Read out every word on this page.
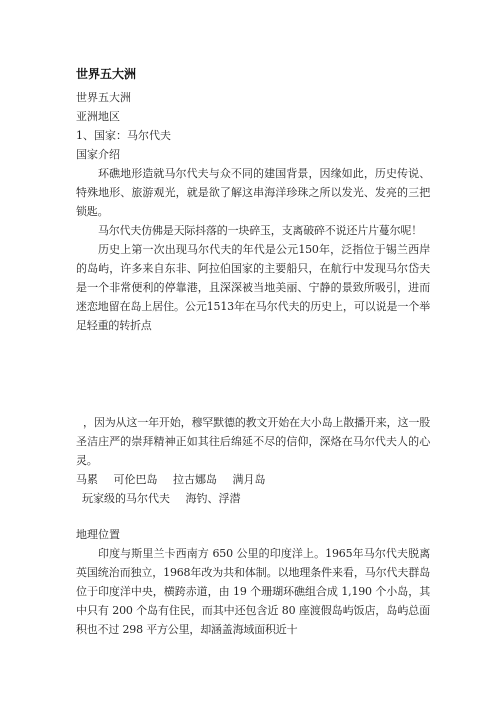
世界五大洲

世界五大洲

亚洲地区

1、国家：马尔代夫

国家介绍

环礁地形造就马尔代夫与众不同的建国背景，因缘如此，历史传说、特殊地形、旅游观光，就是欲了解这串海洋珍珠之所以发光、发亮的三把锁匙。

马尔代夫仿佛是天际抖落的一块碎玉，支离破碎不说还片片蔓尔呢！

历史上第一次出现马尔代夫的年代是公元150年，泛指位于锡兰西岸的岛屿，许多来自东非、阿拉伯国家的主要船只，在航行中发现马尔岱夫是一个非常便利的停靠港，且深深被当地美丽、宁静的景致所吸引，进而迷恋地留在岛上居住。公元1513年在马尔代夫的历史上，可以说是一个举足轻重的转折点

，因为从这一年开始，穆罕默德的教文开始在大小岛上散播开来，这一股圣洁庄严的崇拜精神正如其往后绵延不尽的信仰，深烙在马尔代夫人的心灵。

马累 可伦巴岛 拉古娜岛 满月岛

玩家级的马尔代夫 海钓、浮潜

地理位置

印度与斯里兰卡西南方 650 公里的印度洋上。1965年马尔代夫脱离英国统治而独立，1968年改为共和体制。以地理条件来看，马尔代夫群岛位于印度洋中央，横跨赤道，由 19 个珊瑚环礁组合成 1,190 个小岛，其中只有 200 个岛有住民，而其中还包含近 80 座渡假岛屿饭店，岛屿总面积也不过 298 平方公里，却涵盖海域面积近十
